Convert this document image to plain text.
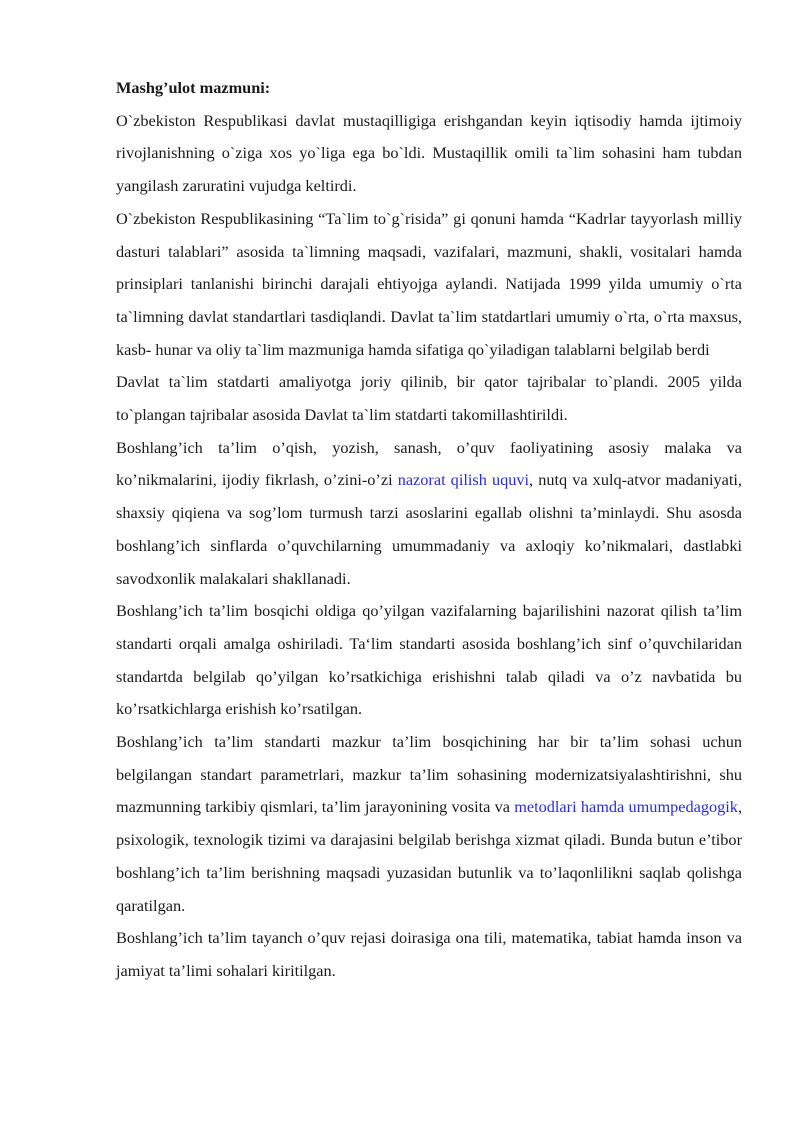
Mashg’ulot mazmuni:

O`zbekiston Respublikasi davlat mustaqilligiga erishgandan keyin iqtisodiy hamda ijtimoiy rivojlanishning o`ziga xos yo`liga ega bo`ldi. Mustaqillik omili ta`lim sohasini ham tubdan yangilash zaruratini vujudga keltirdi.

O`zbekiston Respublikasining “Ta`lim to`g`risida” gi qonuni hamda “Kadrlar tayyorlash milliy dasturi talablari” asosida ta`limning maqsadi, vazifalari, mazmuni, shakli, vositalari hamda prinsiplari tanlanishi birinchi darajali ehtiyojga aylandi. Natijada 1999 yilda umumiy o`rta ta`limning davlat standartlari tasdiqlandi. Davlat ta`lim statdartlari umumiy o`rta, o`rta maxsus, kasb- hunar va oliy ta`lim mazmuniga hamda sifatiga qo`yiladigan talablarni belgilab berdi

Davlat ta`lim statdarti amaliyotga joriy qilinib, bir qator tajribalar to`plandi. 2005 yilda to`plangan tajribalar asosida Davlat ta`lim statdarti takomillashtirildi.

Boshlang’ich ta’lim o’qish, yozish, sanash, o’quv faoliyatining asosiy malaka va ko’nikmalarini, ijodiy fikrlash, o’zini-o’zi nazorat qilish uquvi, nutq va xulq-atvor madaniyati, shaxsiy qiqiena va sog’lom turmush tarzi asoslarini egallab olishni ta’minlaydi. Shu asosda boshlang’ich sinflarda o’quvchilarning umummadaniy va axloqiy ko’nikmalari, dastlabki savodxonlik malakalari shakllanadi.

Boshlang’ich ta’lim bosqichi oldiga qo’yilgan vazifalarning bajarilishini nazorat qilish ta’lim standarti orqali amalga oshiriladi. Ta‘lim standarti asosida boshlang’ich sinf o’quvchilaridan standartda belgilab qo’yilgan ko’rsatkichiga erishishni talab qiladi va o’z navbatida bu ko’rsatkichlarga erishish ko’rsatilgan.

Boshlang’ich ta’lim standarti mazkur ta’lim bosqichining har bir ta’lim sohasi uchun belgilangan standart parametrlari, mazkur ta’lim sohasining modernizatsiyalashtirishni, shu mazmunning tarkibiy qismlari, ta’lim jarayonining vosita va metodlari hamda umumpedagogik, psixologik, texnologik tizimi va darajasini belgilab berishga xizmat qiladi. Bunda butun e’tibor boshlang’ich ta’lim berishning maqsadi yuzasidan butunlik va to’laqonlilikni saqlab qolishga qaratilgan.

Boshlang’ich ta’lim tayanch o’quv rejasi doirasiga ona tili, matematika, tabiat hamda inson va jamiyat ta’limi sohalari kiritilgan.
